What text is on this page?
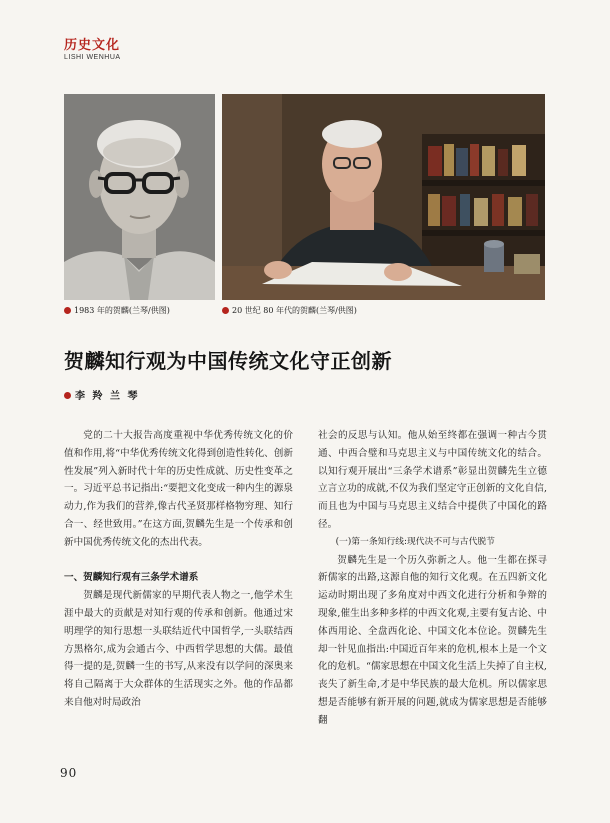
历史文化
LISHI WENHUA
1983 年的贺麟(兰琴/供图)	20 世纪 80 年代的贺麟(兰琴/供图)
贺麟知行观为中国传统文化守正创新
李 羚 兰 琴

党的二十大报告高度重视中华优秀传统文化的价值和作用,将“中华优秀传统文化得到创造性转化、创新性发展”列入新时代十年的历史性成就、历史性变革之一。习近平总书记指出:“要把文化变成一种内生的源泉动力,作为我们的营养,像古代圣贤那样格物穷理、知行合一、经世致用。”在这方面,贺麟先生是一个传承和创新中国优秀传统文化的杰出代表。

一、贺麟知行观有三条学术谱系

贺麟是现代新儒家的早期代表人物之一,他学术生涯中最大的贡献是对知行观的传承和创新。他通过宋明理学的知行思想一头联结近代中国哲学,一头联结西方黑格尔,成为会通古今、中西哲学思想的大儒。最值得一提的是,贺麟一生的书写,从来没有以学问的深奥来将自己隔离于大众群体的生活现实之外。他的作品都来自他对时局政治

社会的反思与认知。他从始至终都在强调一种古今贯通、中西合璧和马克思主义与中国传统文化的结合。以知行观开展出“三条学术谱系”彰显出贺麟先生立德立言立功的成就,不仅为我们坚定守正创新的文化自信,而且也为中国与马克思主义结合中提供了中国化的路径。

(一)第一条知行线:现代决不可与古代脱节

贺麟先生是一个历久弥新之人。他一生都在探寻新儒家的出路,这源自他的知行文化观。在五四新文化运动时期出现了多角度对中西文化进行分析和争辩的现象,催生出多种多样的中西文化观,主要有复古论、中体西用论、全盘西化论、中国文化本位论。贺麟先生却一针见血指出:中国近百年来的危机,根本上是一个文化的危机。“儒家思想在中国文化生活上失掉了自主权,丧失了新生命,才是中华民族的最大危机。所以儒家思想是否能够有新开展的问题,就成为儒家思想是否能够翻

90
